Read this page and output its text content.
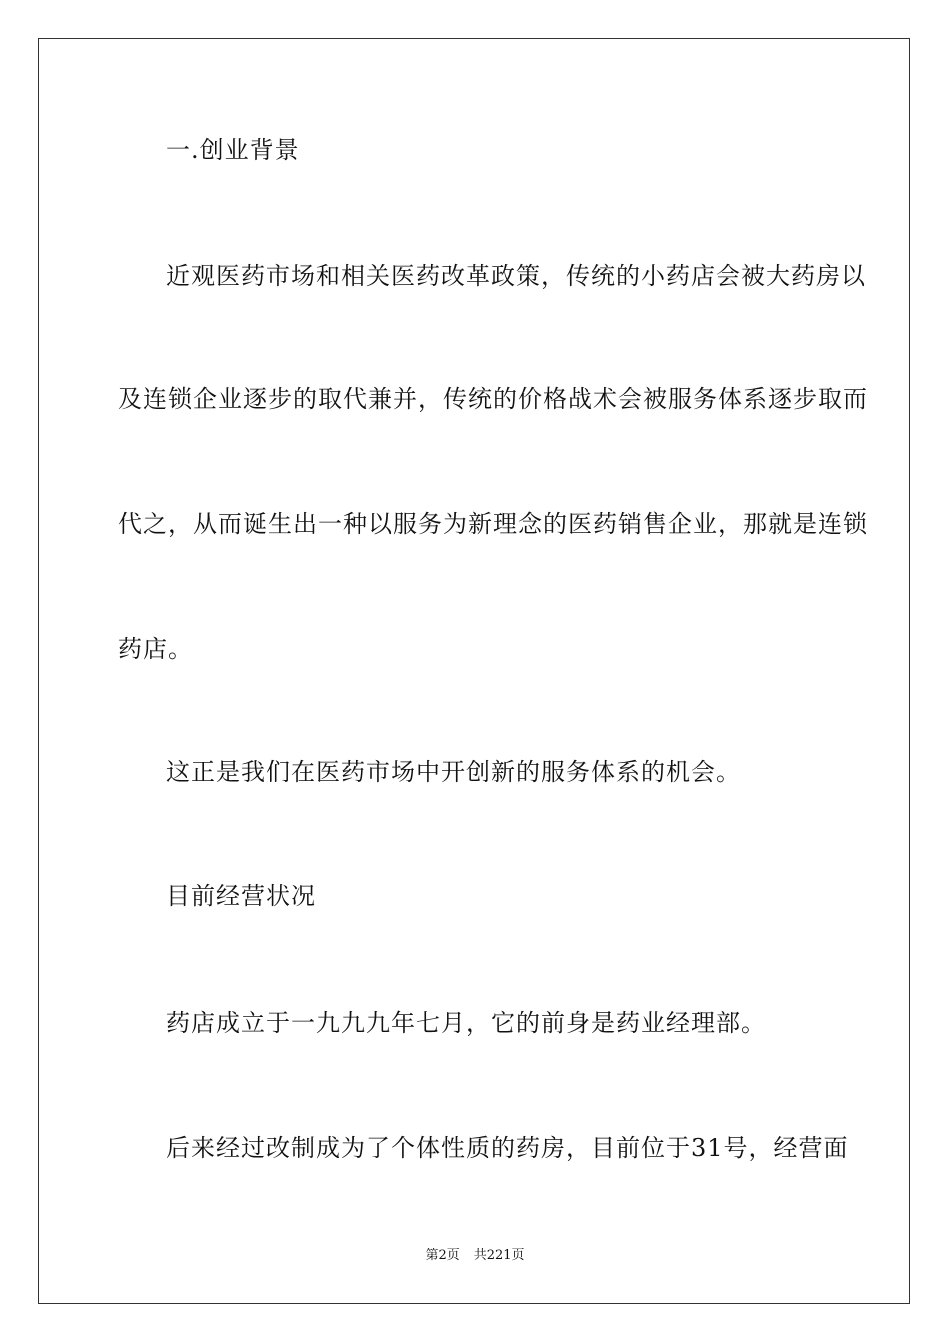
一.创业背景
近观医药市场和相关医药改革政策，传统的小药店会被大药房以
及连锁企业逐步的取代兼并，传统的价格战术会被服务体系逐步取而
代之，从而诞生出一种以服务为新理念的医药销售企业，那就是连锁
药店。
这正是我们在医药市场中开创新的服务体系的机会。
目前经营状况
药店成立于一九九九年七月，它的前身是药业经理部。
后来经过改制成为了个体性质的药房，目前位于31号，经营面
第2页 共221页
